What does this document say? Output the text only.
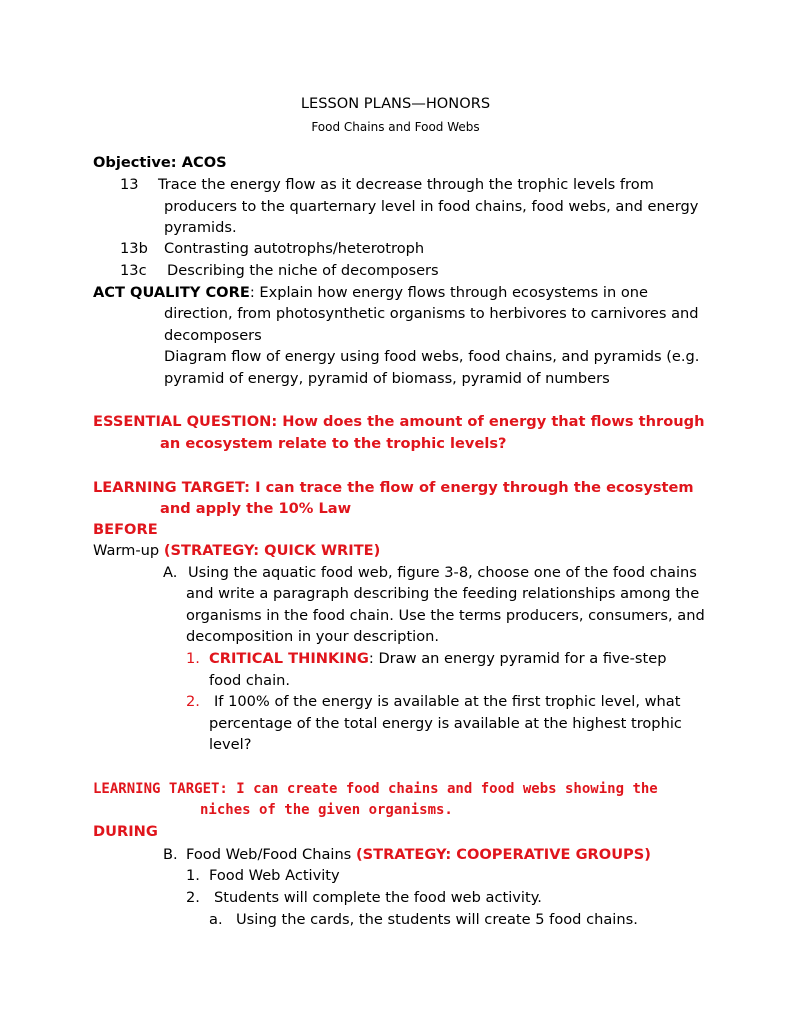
LESSON PLANS—HONORS
Food Chains and Food Webs
Objective: ACOS
13 Trace the energy flow as it decrease through the trophic levels from
producers to the quarternary level in food chains, food webs, and energy
pyramids.
13b Contrasting autotrophs/heterotroph
13c Describing the niche of decomposers
ACT QUALITY CORE: Explain how energy flows through ecosystems in one
direction, from photosynthetic organisms to herbivores to carnivores and
decomposers
Diagram flow of energy using food webs, food chains, and pyramids (e.g.
pyramid of energy, pyramid of biomass, pyramid of numbers
ESSENTIAL QUESTION: How does the amount of energy that flows through
an ecosystem relate to the trophic levels?
LEARNING TARGET: I can trace the flow of energy through the ecosystem
and apply the 10% Law
BEFORE
Warm-up (STRATEGY: QUICK WRITE)
A. Using the aquatic food web, figure 3-8, choose one of the food chains
and write a paragraph describing the feeding relationships among the
organisms in the food chain. Use the terms producers, consumers, and
decomposition in your description.
1. CRITICAL THINKING: Draw an energy pyramid for a five-step
food chain.
2. If 100% of the energy is available at the first trophic level, what
percentage of the total energy is available at the highest trophic
level?
LEARNING TARGET: I can create food chains and food webs showing the
niches of the given organisms.
DURING
B. Food Web/Food Chains (STRATEGY: COOPERATIVE GROUPS)
1. Food Web Activity
2. Students will complete the food web activity.
a. Using the cards, the students will create 5 food chains.
